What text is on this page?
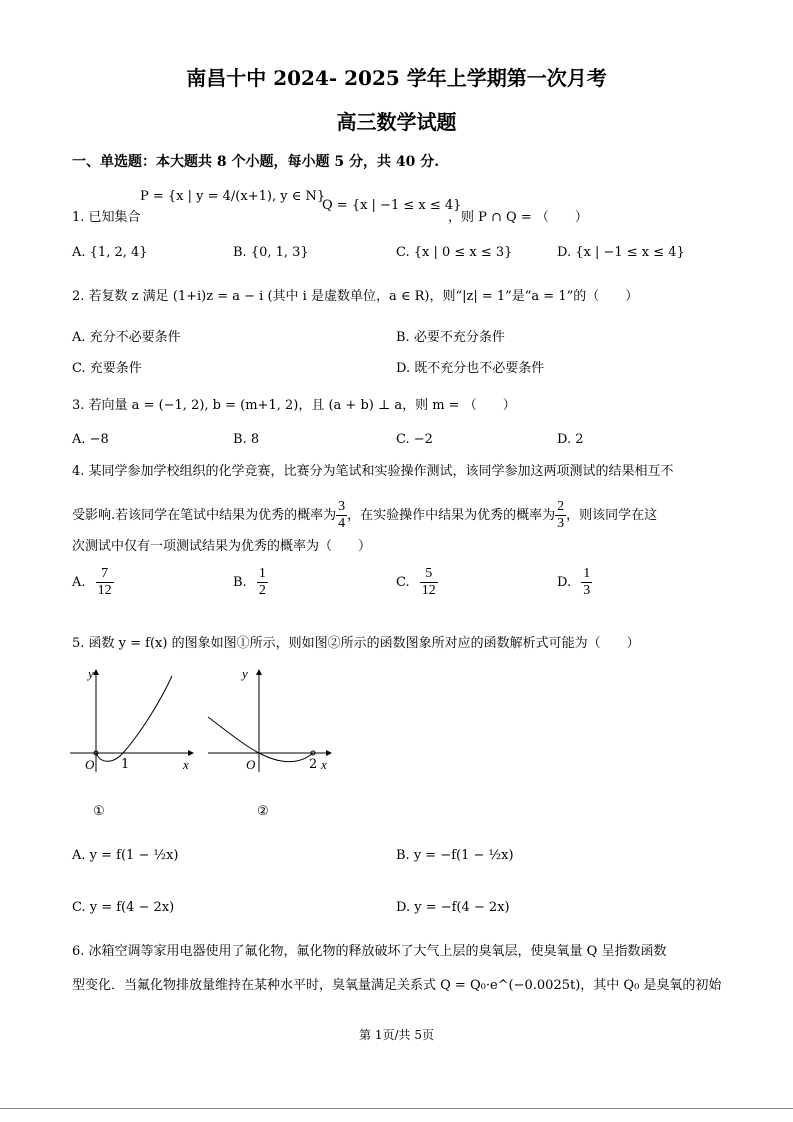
南昌十中 2024- 2025 学年上学期第一次月考
高三数学试题
一、单选题：本大题共 8 个小题，每小题 5 分，共 40 分.
1. 已知集合
P = {x | y = 4/(x+1), y ∈ N}
Q = {x | −1 ≤ x ≤ 4}
，则 P ∩ Q = （　　）
A. {1, 2, 4}	B. {0, 1, 3}	C. {x | 0 ≤ x ≤ 3}	D. {x | −1 ≤ x ≤ 4}
2. 若复数 z 满足 (1+i)z = a − i (其中 i 是虚数单位，a ∈ R)，则“|z| = 1”是“a = 1”的（　　）
A. 充分不必要条件	B. 必要不充分条件
C. 充要条件	D. 既不充分也不必要条件
3. 若向量 a = (−1, 2), b = (m+1, 2)，且 (a + b) ⊥ a，则 m = （　　）
A. −8	B. 8	C. −2	D. 2
4. 某同学参加学校组织的化学竞赛，比赛分为笔试和实验操作测试，该同学参加这两项测试的结果相互不
受影响.若该同学在笔试中结果为优秀的概率为 $\frac{3}{4}$ ，在实验操作中结果为优秀的概率为 $\frac{2}{3}$ ，则该同学在这
次测试中仅有一项测试结果为优秀的概率为（　　）
A. $\frac{7}{12}$	B. $\frac{1}{2}$	C. $\frac{5}{12}$	D. $\frac{1}{3}$
5. 函数 y = f(x) 的图象如图①所示，则如图②所示的函数图象所对应的函数解析式可能为（　　）
y
x
O 1
①
y
x
O	2
②
A. y = f(1 − ½x)	B. y = −f(1 − ½x)
C. y = f(4 − 2x)	D. y = −f(4 − 2x)
6. 冰箱空调等家用电器使用了氟化物，氟化物的释放破坏了大气上层的臭氧层，使臭氧量 Q 呈指数函数
型变化．当氟化物排放量维持在某种水平时，臭氧量满足关系式 Q = Q₀·e^(−0.0025t)，其中 Q₀ 是臭氧的初始
第 1页/共 5页
